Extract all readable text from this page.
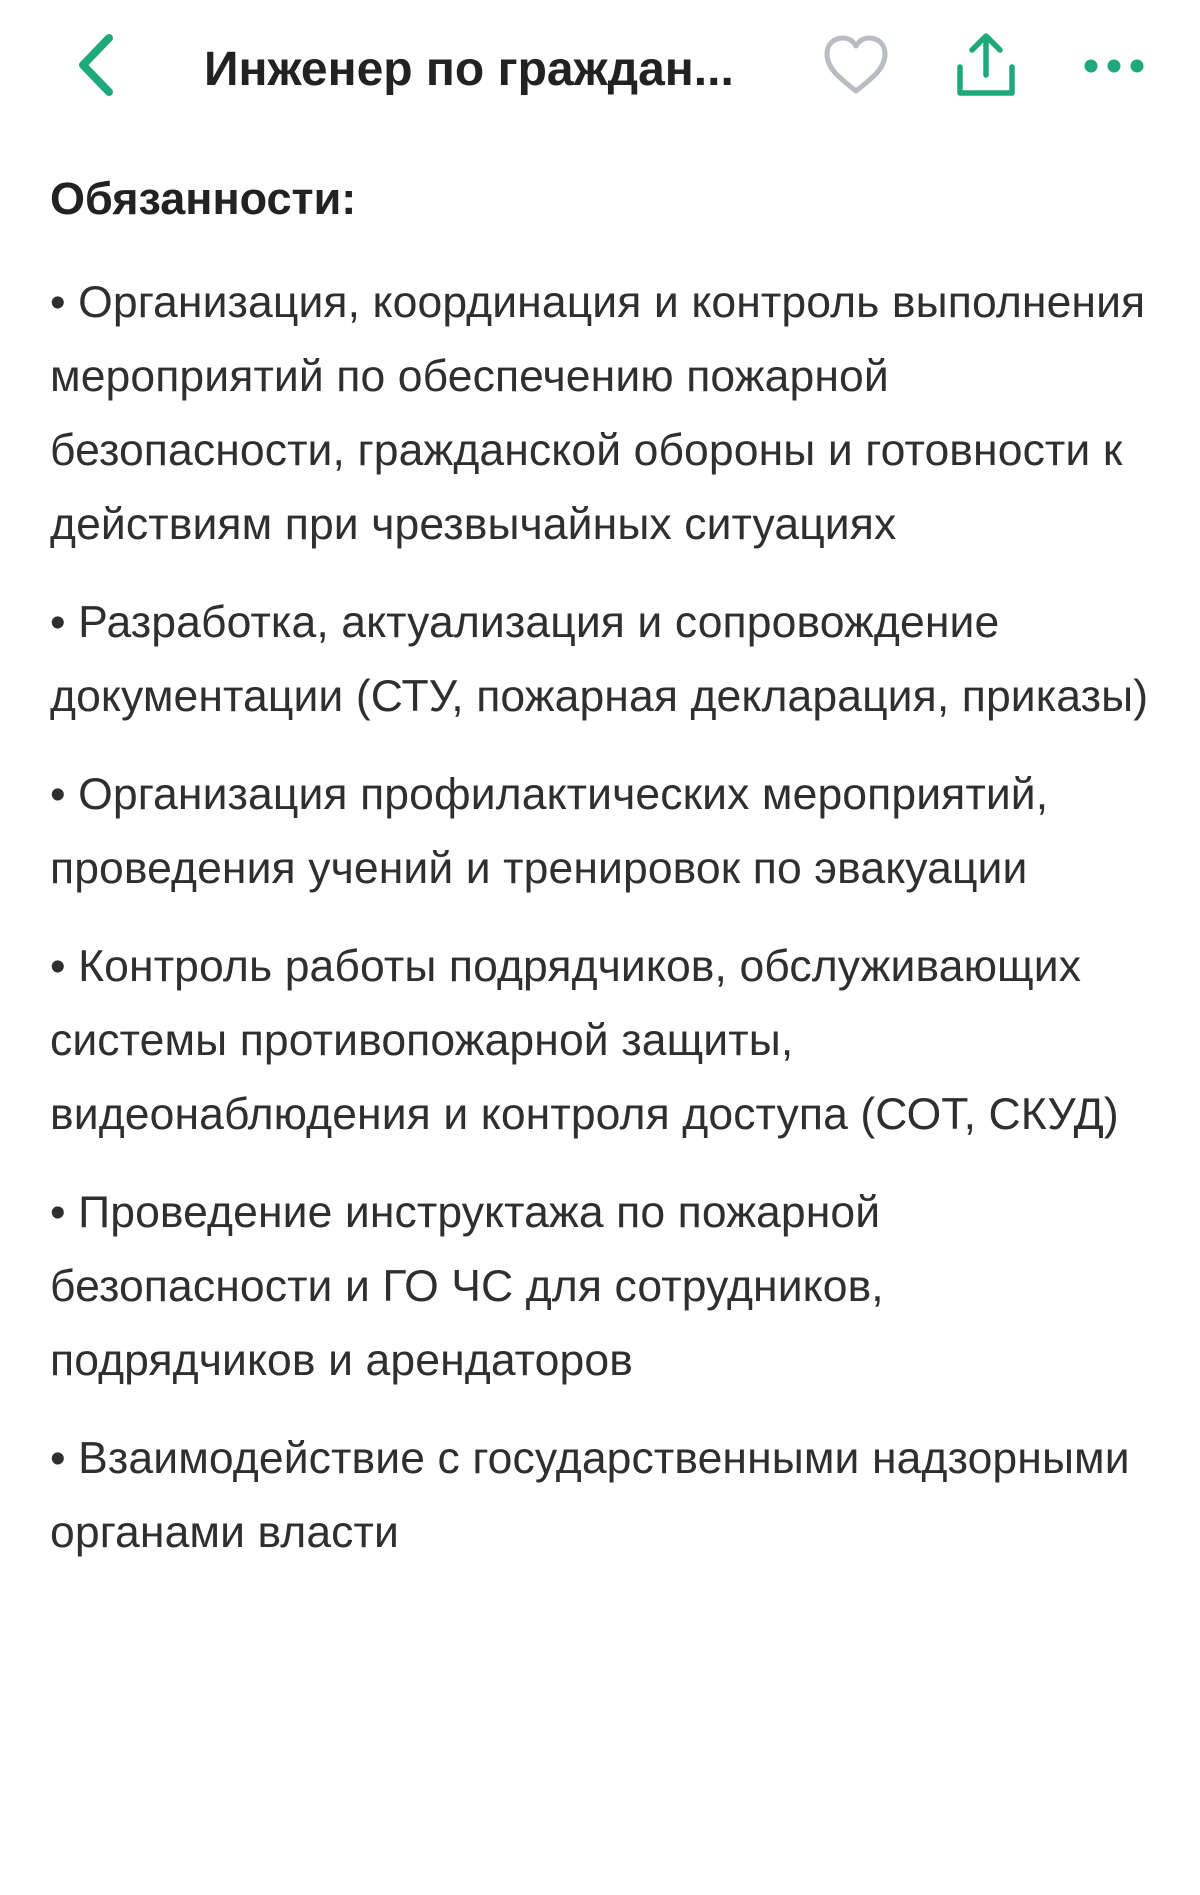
Инженер по граждан...
Обязанности:
• Организация, координация и контроль выполнения мероприятий по обеспечению пожарной безопасности, гражданской обороны и готовности к действиям при чрезвычайных ситуациях
• Разработка, актуализация и сопровождение документации (СТУ, пожарная декларация, приказы)
• Организация профилактических мероприятий, проведения учений и тренировок по эвакуации
• Контроль работы подрядчиков, обслуживающих системы противопожарной защиты, видеонаблюдения и контроля доступа (СОТ, СКУД)
• Проведение инструктажа по пожарной безопасности и ГО ЧС для сотрудников, подрядчиков и арендаторов
• Взаимодействие с государственными надзорными органами власти
